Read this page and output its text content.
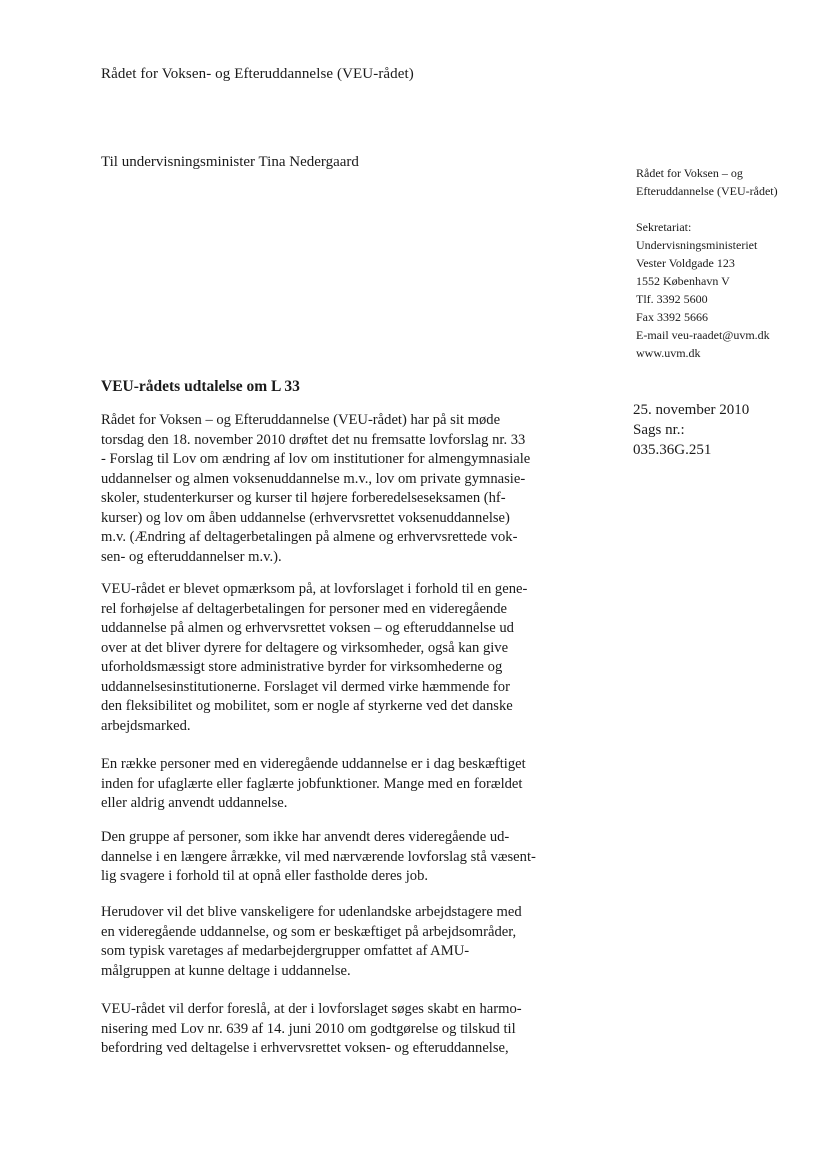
Rådet for Voksen- og Efteruddannelse (VEU-rådet)
Til undervisningsminister Tina Nedergaard
Rådet for Voksen – og
Efteruddannelse (VEU-rådet)
Sekretariat:
Undervisningsministeriet
Vester Voldgade 123
1552 København V
Tlf. 3392 5600
Fax 3392 5666
E-mail veu-raadet@uvm.dk
www.uvm.dk
25. november 2010
Sags nr.:
035.36G.251
VEU-rådets udtalelse om L 33
Rådet for Voksen – og Efteruddannelse (VEU-rådet) har på sit møde
torsdag den 18. november 2010 drøftet det nu fremsatte lovforslag nr. 33
- Forslag til Lov om ændring af lov om institutioner for almengymnasiale
uddannelser og almen voksenuddannelse m.v., lov om private gymnasie-
skoler, studenterkurser og kurser til højere forberedelseseksamen (hf-
kurser) og lov om åben uddannelse (erhvervsrettet voksenuddannelse)
m.v. (Ændring af deltagerbetalingen på almene og erhvervsrettede vok-
sen- og efteruddannelser m.v.).
VEU-rådet er blevet opmærksom på, at lovforslaget i forhold til en gene-
rel forhøjelse af deltagerbetalingen for personer med en videregående
uddannelse på almen og erhvervsrettet voksen – og efteruddannelse ud
over at det bliver dyrere for deltagere og virksomheder, også kan give
uforholdsmæssigt store administrative byrder for virksomhederne og
uddannelsesinstitutionerne. Forslaget vil dermed virke hæmmende for
den fleksibilitet og mobilitet, som er nogle af styrkerne ved det danske
arbejdsmarked.
En række personer med en videregående uddannelse er i dag beskæftiget
inden for ufaglærte eller faglærte jobfunktioner. Mange med en forældet
eller aldrig anvendt uddannelse.
Den gruppe af personer, som ikke har anvendt deres videregående ud-
dannelse i en længere årrække, vil med nærværende lovforslag stå væsent-
lig svagere i forhold til at opnå eller fastholde deres job.
Herudover vil det blive vanskeligere for udenlandske arbejdstagere med
en videregående uddannelse, og som er beskæftiget på arbejdsområder,
som typisk varetages af medarbejdergrupper omfattet af AMU-
målgruppen at kunne deltage i uddannelse.
VEU-rådet vil derfor foreslå, at der i lovforslaget søges skabt en harmo-
nisering med Lov nr. 639 af 14. juni 2010 om godtgørelse og tilskud til
befordring ved deltagelse i erhvervsrettet voksen- og efteruddannelse,
